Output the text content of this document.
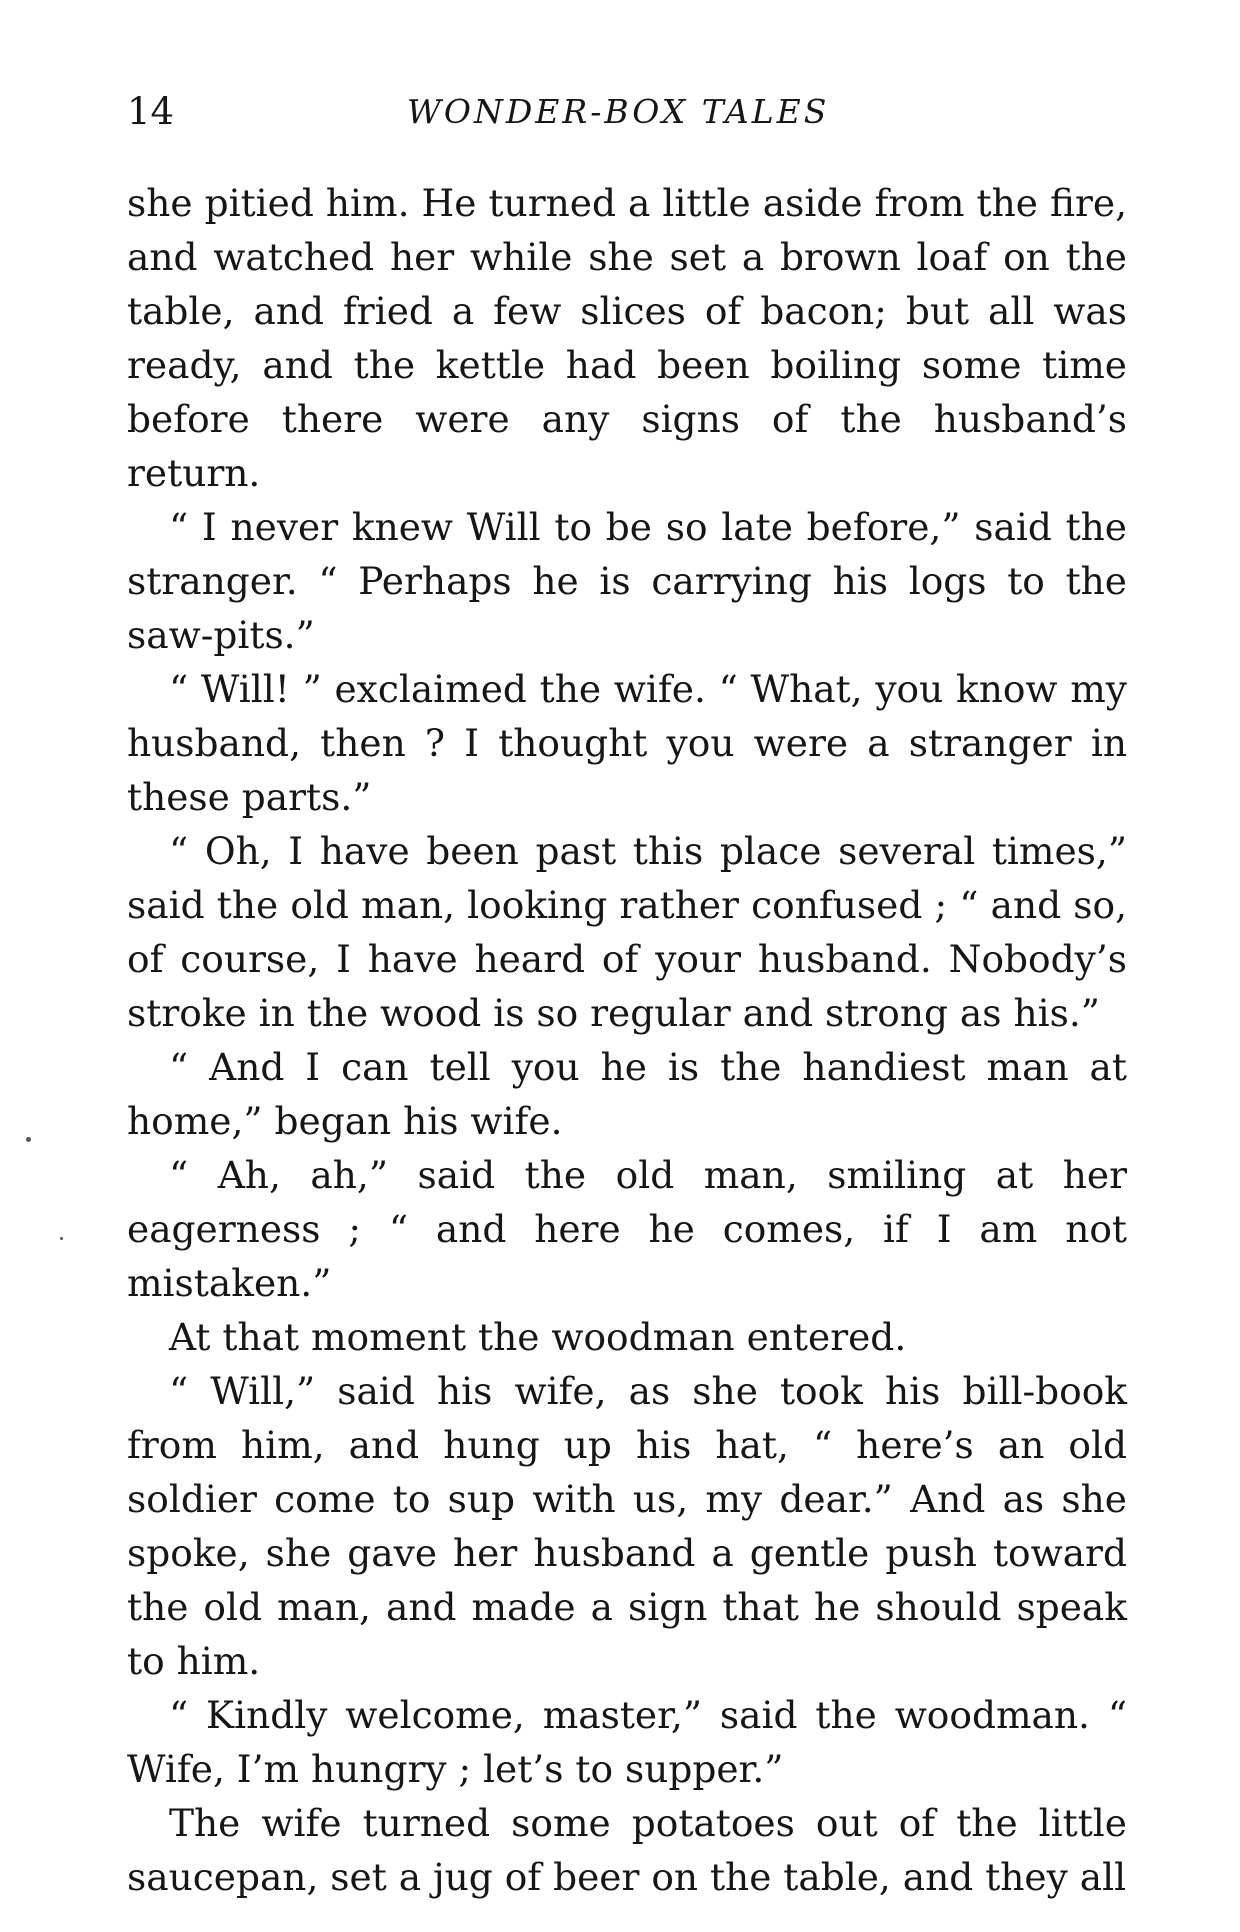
14	WONDER-BOX TALES

she pitied him. He turned a little aside from the fire, and watched her while she set a brown loaf on the table, and fried a few slices of bacon; but all was ready, and the kettle had been boiling some time before there were any signs of the husband’s return.

“ I never knew Will to be so late before,” said the stranger. “ Perhaps he is carrying his logs to the saw-pits.”

“ Will! ” exclaimed the wife. “ What, you know my husband, then ? I thought you were a stranger in these parts.”

“ Oh, I have been past this place several times,” said the old man, looking rather confused ; “ and so, of course, I have heard of your husband. Nobody’s stroke in the wood is so regular and strong as his.”

“ And I can tell you he is the handiest man at home,” began his wife.

“ Ah, ah,” said the old man, smiling at her eagerness ; “ and here he comes, if I am not mistaken.”

At that moment the woodman entered.

“ Will,” said his wife, as she took his bill-book from him, and hung up his hat, “ here’s an old soldier come to sup with us, my dear.” And as she spoke, she gave her husband a gentle push toward the old man, and made a sign that he should speak to him.

“ Kindly welcome, master,” said the woodman. “ Wife, I’m hungry ; let’s to supper.”

The wife turned some potatoes out of the little saucepan, set a jug of beer on the table, and they all
